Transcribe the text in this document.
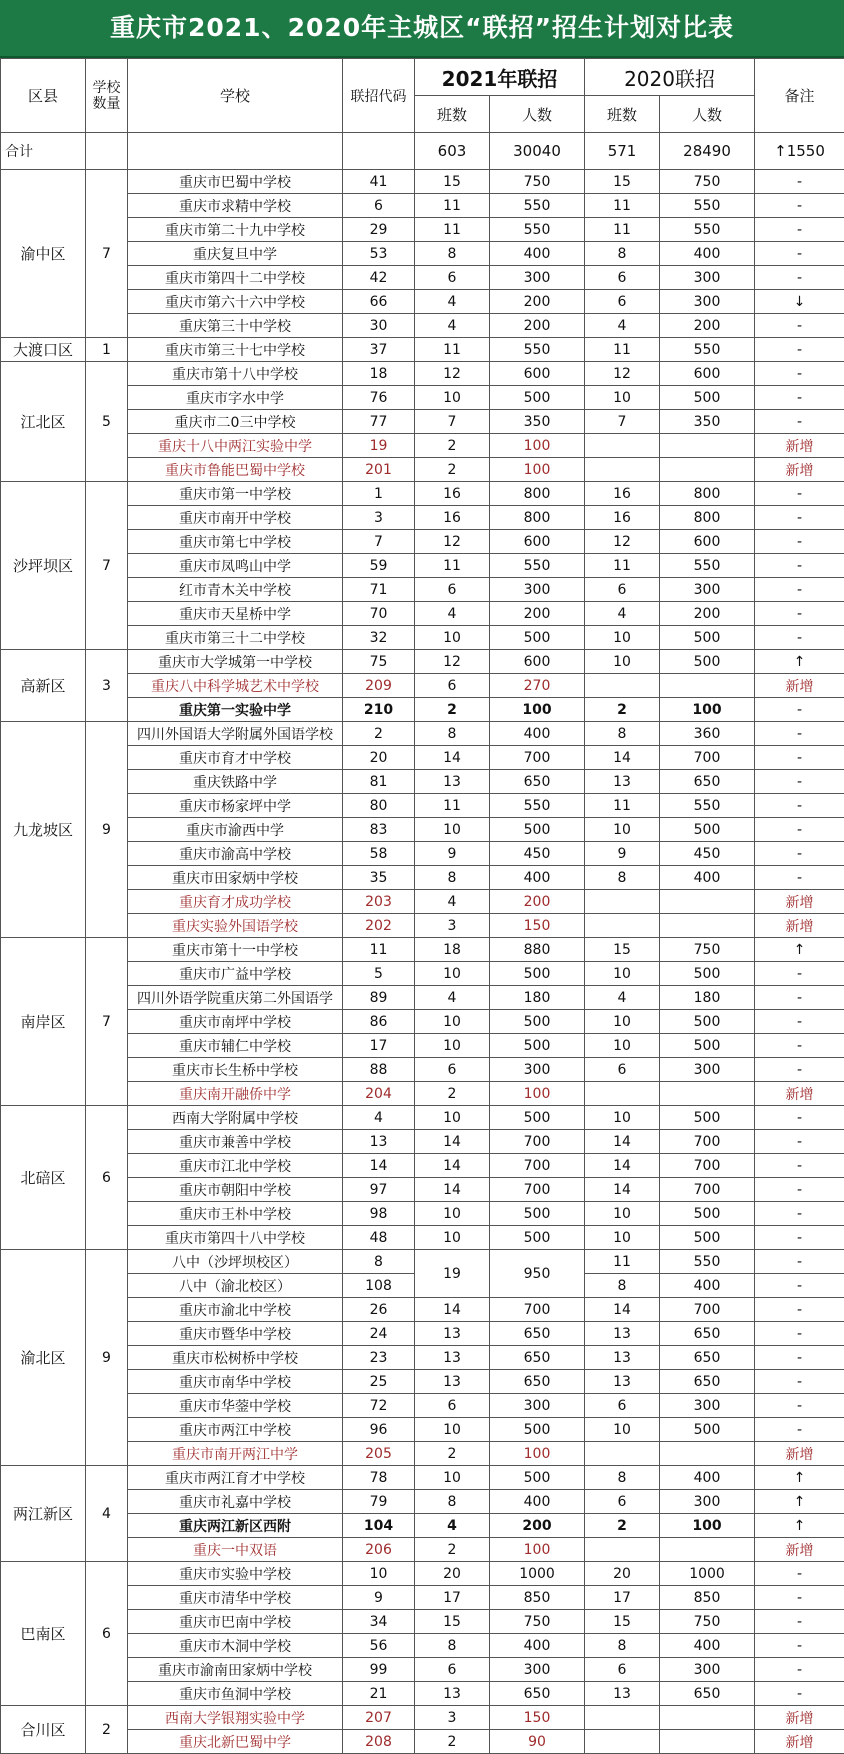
重庆市2021、2020年主城区“联招”招生计划对比表
区县	学校数量	学校	联招代码	2021年联招		2020联招		备注
				班数	人数	班数	人数	
合计				603	30040	571	28490	↑1550
渝中区	7	重庆市巴蜀中学校	41	15	750	15	750	-
		重庆市求精中学校	6	11	550	11	550	-
		重庆市第二十九中学校	29	11	550	11	550	-
		重庆复旦中学	53	8	400	8	400	-
		重庆市第四十二中学校	42	6	300	6	300	-
		重庆市第六十六中学校	66	4	200	6	300	↓
		重庆第三十中学校	30	4	200	4	200	-
大渡口区	1	重庆市第三十七中学校	37	11	550	11	550	-
江北区	5	重庆市第十八中学校	18	12	600	12	600	-
		重庆市字水中学	76	10	500	10	500	-
		重庆市二0三中学校	77	7	350	7	350	-
		重庆十八中两江实验中学	19	2	100			新增
		重庆市鲁能巴蜀中学校	201	2	100			新增
沙坪坝区	7	重庆市第一中学校	1	16	800	16	800	-
		重庆市南开中学校	3	16	800	16	800	-
		重庆市第七中学校	7	12	600	12	600	-
		重庆市凤鸣山中学	59	11	550	11	550	-
		红市青木关中学校	71	6	300	6	300	-
		重庆市天星桥中学	70	4	200	4	200	-
		重庆市第三十二中学校	32	10	500	10	500	-
高新区	3	重庆市大学城第一中学校	75	12	600	10	500	↑
		重庆八中科学城艺术中学校	209	6	270			新增
		重庆第一实验中学	210	2	100	2	100	-
九龙坡区	9	四川外国语大学附属外国语学校	2	8	400	8	360	-
		重庆市育才中学校	20	14	700	14	700	-
		重庆铁路中学	81	13	650	13	650	-
		重庆市杨家坪中学	80	11	550	11	550	-
		重庆市渝西中学	83	10	500	10	500	-
		重庆市渝高中学校	58	9	450	9	450	-
		重庆市田家炳中学校	35	8	400	8	400	-
		重庆育才成功学校	203	4	200			新增
		重庆实验外国语学校	202	3	150			新增
南岸区	7	重庆市第十一中学校	11	18	880	15	750	↑
		重庆市广益中学校	5	10	500	10	500	-
		四川外语学院重庆第二外国语学	89	4	180	4	180	-
		重庆市南坪中学校	86	10	500	10	500	-
		重庆市辅仁中学校	17	10	500	10	500	-
		重庆市长生桥中学校	88	6	300	6	300	-
		重庆南开融侨中学	204	2	100			新增
北碚区	6	西南大学附属中学校	4	10	500	10	500	-
		重庆市兼善中学校	13	14	700	14	700	-
		重庆市江北中学校	14	14	700	14	700	-
		重庆市朝阳中学校	97	14	700	14	700	-
		重庆市王朴中学校	98	10	500	10	500	-
		重庆市第四十八中学校	48	10	500	10	500	-
渝北区	9	八中（沙坪坝校区）	8	19	950	11	550	-
		八中（渝北校区）	108			8	400	-
		重庆市渝北中学校	26	14	700	14	700	-
		重庆市暨华中学校	24	13	650	13	650	-
		重庆市松树桥中学校	23	13	650	13	650	-
		重庆市南华中学校	25	13	650	13	650	-
		重庆市华蓥中学校	72	6	300	6	300	-
		重庆市两江中学校	96	10	500	10	500	-
		重庆市南开两江中学	205	2	100			新增
两江新区	4	重庆市两江育才中学校	78	10	500	8	400	↑
		重庆市礼嘉中学校	79	8	400	6	300	↑
		重庆两江新区西附	104	4	200	2	100	↑
		重庆一中双语	206	2	100			新增
巴南区	6	重庆市实验中学校	10	20	1000	20	1000	-
		重庆市清华中学校	9	17	850	17	850	-
		重庆市巴南中学校	34	15	750	15	750	-
		重庆市木洞中学校	56	8	400	8	400	-
		重庆市渝南田家炳中学校	99	6	300	6	300	-
		重庆市鱼洞中学校	21	13	650	13	650	-
合川区	2	西南大学银翔实验中学	207	3	150			新增
		重庆北新巴蜀中学	208	2	90			新增
